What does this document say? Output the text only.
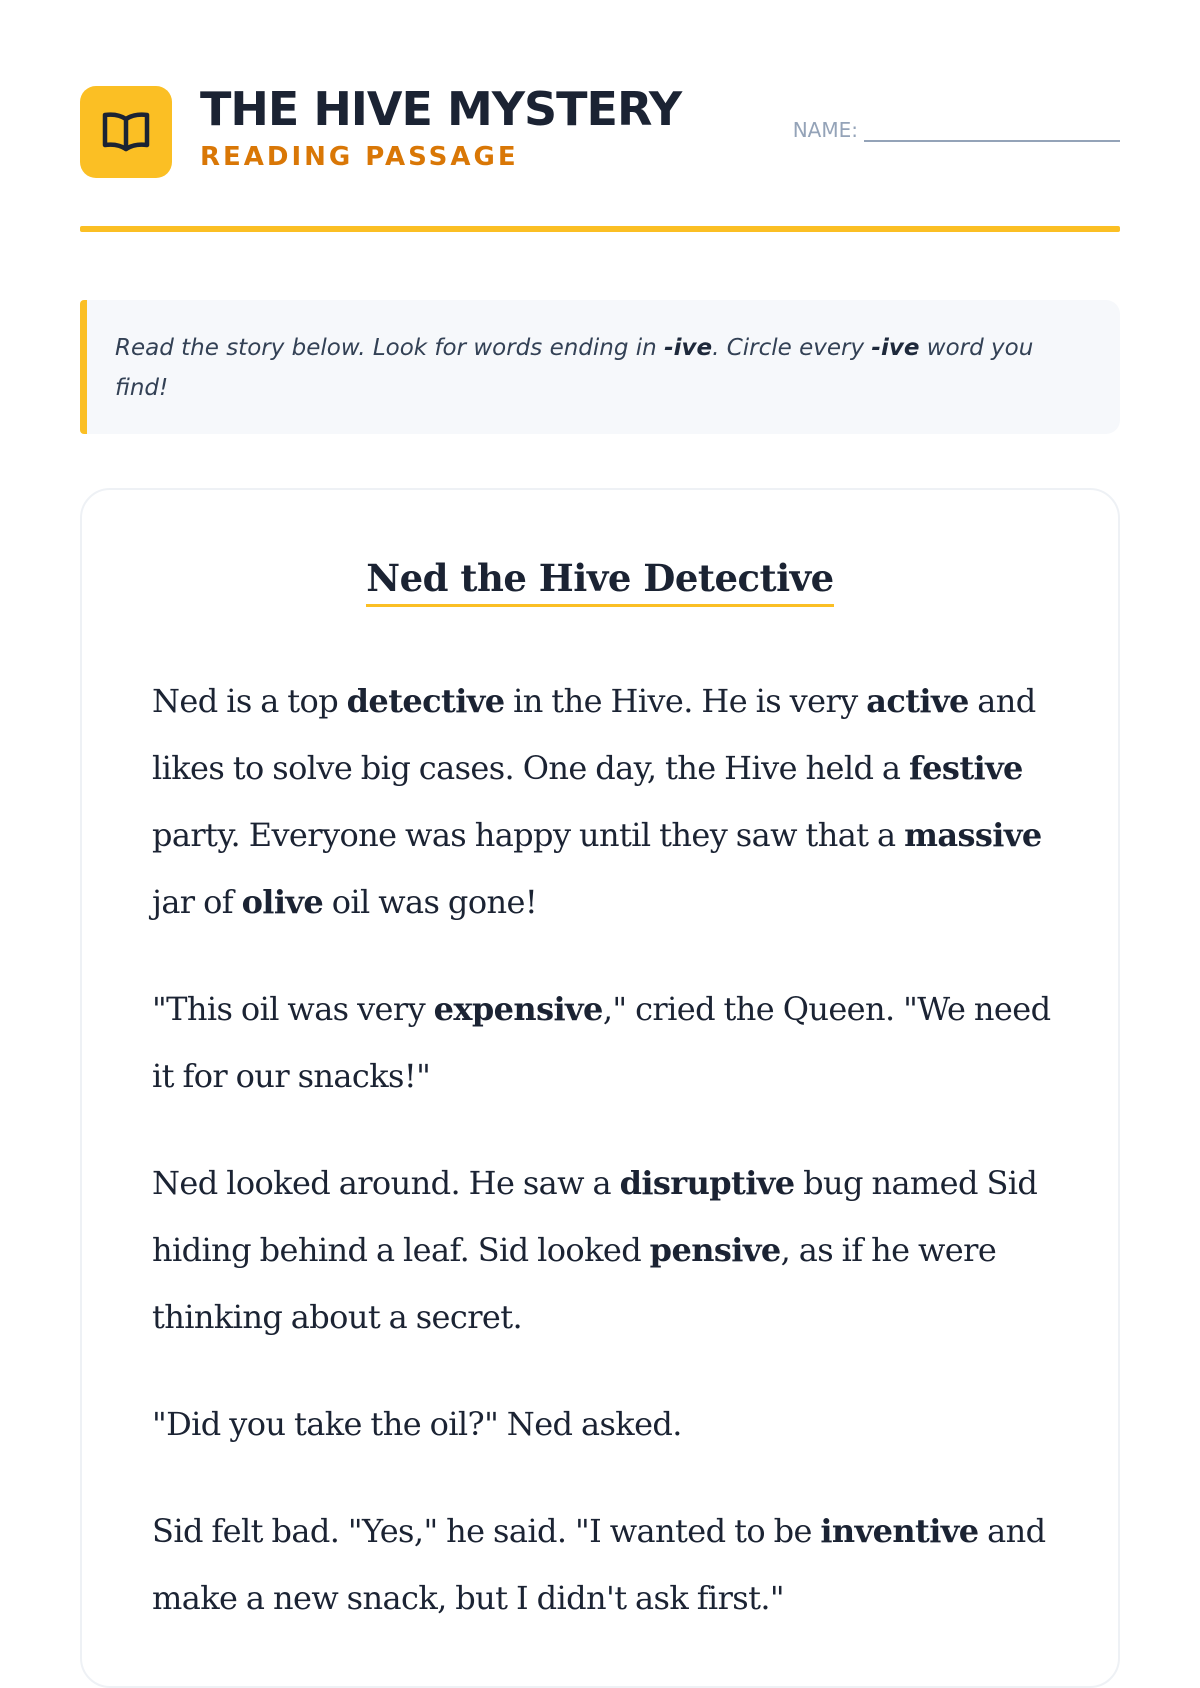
THE HIVE MYSTERY
READING PASSAGE
NAME:
Read the story below. Look for words ending in -ive. Circle every -ive word you find!
Ned the Hive Detective

Ned is a top detective in the Hive. He is very active and likes to solve big cases. One day, the Hive held a festive party. Everyone was happy until they saw that a massive jar of olive oil was gone!

"This oil was very expensive," cried the Queen. "We need it for our snacks!"

Ned looked around. He saw a disruptive bug named Sid hiding behind a leaf. Sid looked pensive, as if he were thinking about a secret.

"Did you take the oil?" Ned asked.

Sid felt bad. "Yes," he said. "I wanted to be inventive and make a new snack, but I didn't ask first."
